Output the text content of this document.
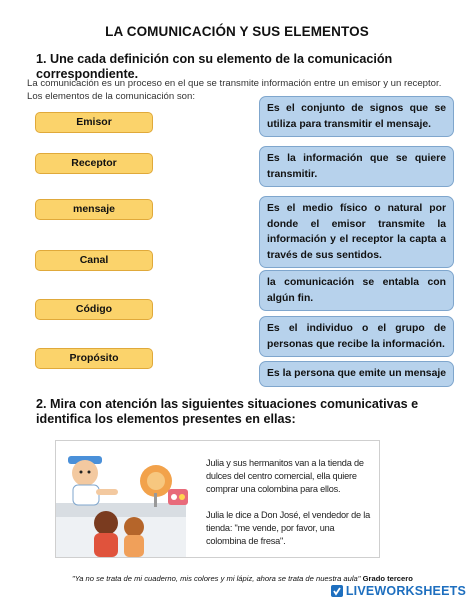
LA COMUNICACIÓN Y SUS ELEMENTOS
1. Une cada definición con su elemento de la comunicación correspondiente.
La comunicación es un proceso en el que se transmite información entre un emisor y un receptor. Los elementos de la comunicación son:
Emisor
Receptor
mensaje
Canal
Código
Propósito
Es el conjunto de signos que se utiliza para transmitir el mensaje.
Es la información que se quiere transmitir.
Es el medio físico o natural por donde el emisor transmite la información y el receptor la capta a través de sus sentidos.
la comunicación se entabla con algún fin.
Es el individuo o el grupo de personas que recibe la información.
Es la persona que emite un mensaje
2. Mira con atención las siguientes situaciones comunicativas e identifica los elementos presentes en ellas:
Julia y sus hermanitos van a la tienda de dulces del centro comercial, ella quiere comprar una colombina para ellos.
Julia le dice a Don José, el vendedor de la tienda: "me vende, por favor, una colombina de fresa".
"Ya no se trata de mi cuaderno, mis colores y mi lápiz, ahora se trata de nuestra aula" Grado tercero
LIVEWORKSHEETS
